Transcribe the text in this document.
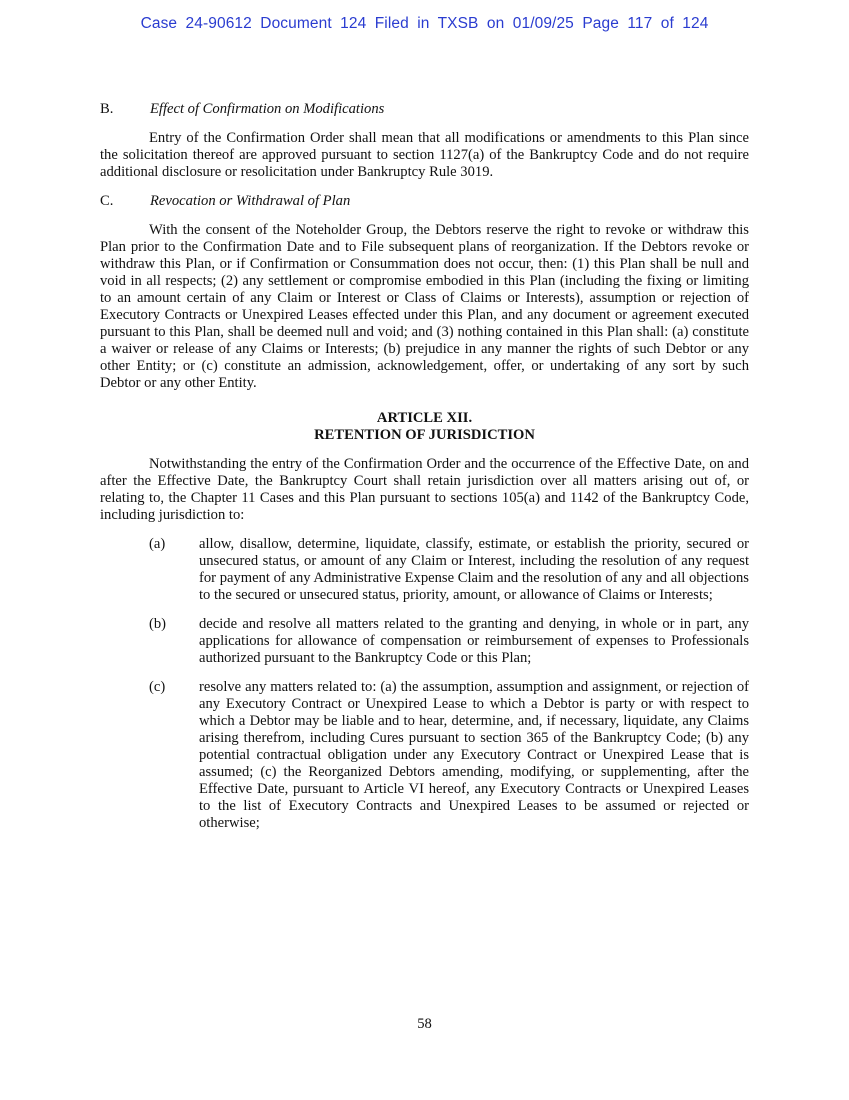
Case 24-90612 Document 124 Filed in TXSB on 01/09/25 Page 117 of 124
B.	Effect of Confirmation on Modifications

Entry of the Confirmation Order shall mean that all modifications or amendments to this Plan since the solicitation thereof are approved pursuant to section 1127(a) of the Bankruptcy Code and do not require additional disclosure or resolicitation under Bankruptcy Rule 3019.

C.	Revocation or Withdrawal of Plan

With the consent of the Noteholder Group, the Debtors reserve the right to revoke or withdraw this Plan prior to the Confirmation Date and to File subsequent plans of reorganization. If the Debtors revoke or withdraw this Plan, or if Confirmation or Consummation does not occur, then: (1) this Plan shall be null and void in all respects; (2) any settlement or compromise embodied in this Plan (including the fixing or limiting to an amount certain of any Claim or Interest or Class of Claims or Interests), assumption or rejection of Executory Contracts or Unexpired Leases effected under this Plan, and any document or agreement executed pursuant to this Plan, shall be deemed null and void; and (3) nothing contained in this Plan shall: (a) constitute a waiver or release of any Claims or Interests; (b) prejudice in any manner the rights of such Debtor or any other Entity; or (c) constitute an admission, acknowledgement, offer, or undertaking of any sort by such Debtor or any other Entity.

ARTICLE XII.
RETENTION OF JURISDICTION

Notwithstanding the entry of the Confirmation Order and the occurrence of the Effective Date, on and after the Effective Date, the Bankruptcy Court shall retain jurisdiction over all matters arising out of, or relating to, the Chapter 11 Cases and this Plan pursuant to sections 105(a) and 1142 of the Bankruptcy Code, including jurisdiction to:

(a)	allow, disallow, determine, liquidate, classify, estimate, or establish the priority, secured or unsecured status, or amount of any Claim or Interest, including the resolution of any request for payment of any Administrative Expense Claim and the resolution of any and all objections to the secured or unsecured status, priority, amount, or allowance of Claims or Interests;
(b)	decide and resolve all matters related to the granting and denying, in whole or in part, any applications for allowance of compensation or reimbursement of expenses to Professionals authorized pursuant to the Bankruptcy Code or this Plan;
(c)	resolve any matters related to: (a) the assumption, assumption and assignment, or rejection of any Executory Contract or Unexpired Lease to which a Debtor is party or with respect to which a Debtor may be liable and to hear, determine, and, if necessary, liquidate, any Claims arising therefrom, including Cures pursuant to section 365 of the Bankruptcy Code; (b) any potential contractual obligation under any Executory Contract or Unexpired Lease that is assumed; (c) the Reorganized Debtors amending, modifying, or supplementing, after the Effective Date, pursuant to Article VI hereof, any Executory Contracts or Unexpired Leases to the list of Executory Contracts and Unexpired Leases to be assumed or rejected or otherwise;
58
